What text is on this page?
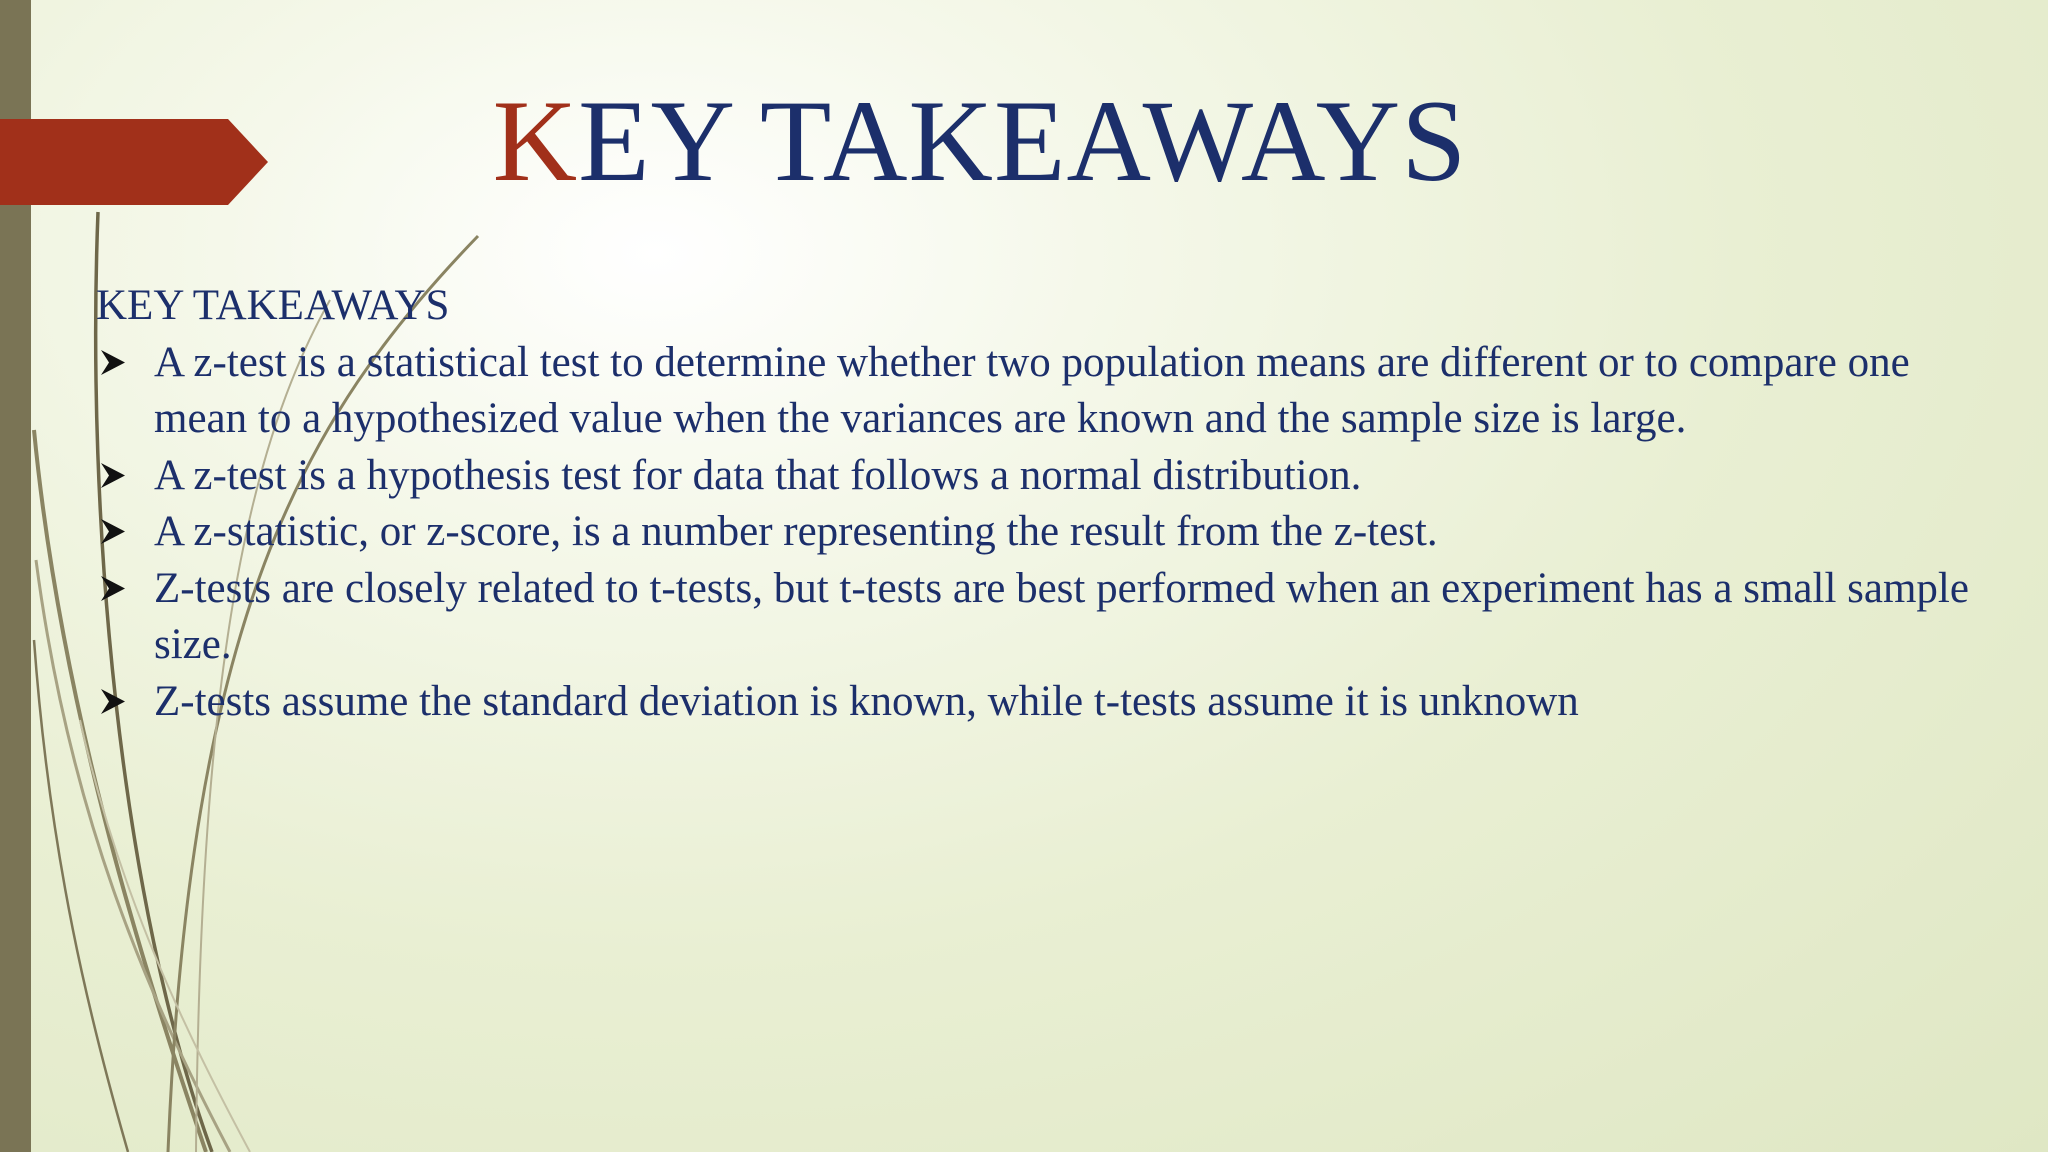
KEY TAKEAWAYS
KEY TAKEAWAYS
A z-test is a statistical test to determine whether two population means are different or to compare one mean to a hypothesized value when the variances are known and the sample size is large.
A z-test is a hypothesis test for data that follows a normal distribution.
A z-statistic, or z-score, is a number representing the result from the z-test.
Z-tests are closely related to t-tests, but t-tests are best performed when an experiment has a small sample size.
Z-tests assume the standard deviation is known, while t-tests assume it is unknown
